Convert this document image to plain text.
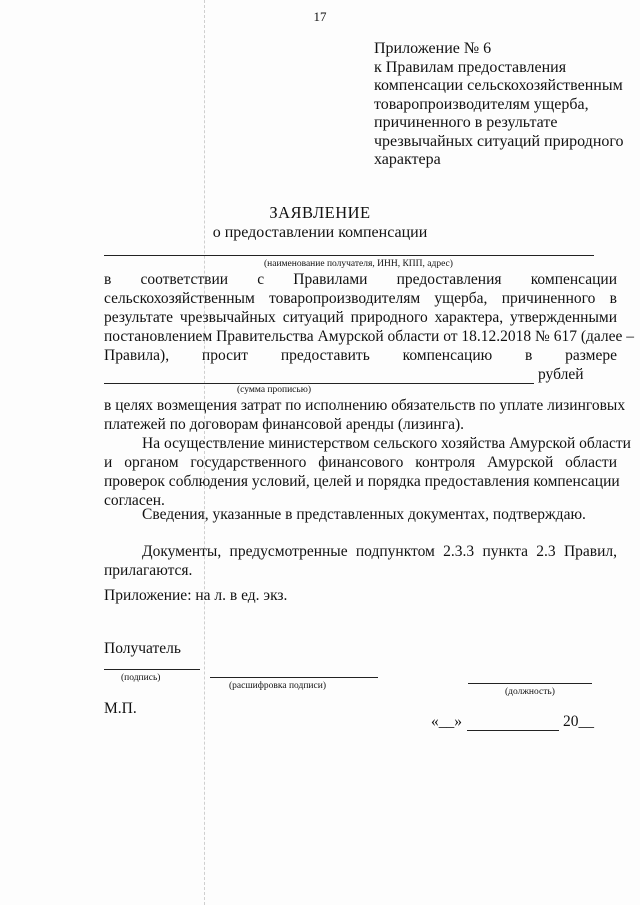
17
Приложение № 6
к Правилам предоставления
компенсации сельскохозяйственным
товаропроизводителям ущерба,
причиненного в результате
чрезвычайных ситуаций природного
характера
ЗАЯВЛЕНИЕ
о предоставлении компенсации
(наименование получателя, ИНН, КПП, адрес)
в соответствии с Правилами предоставления компенсации
сельскохозяйственным товаропроизводителям ущерба, причиненного в
результате чрезвычайных ситуаций природного характера, утвержденными
постановлением Правительства Амурской области от 18.12.2018 № 617 (далее –
Правила), просит предоставить компенсацию в размере
рублей
(сумма прописью)
в целях возмещения затрат по исполнению обязательств по уплате лизинговых
платежей по договорам финансовой аренды (лизинга).
На осуществление министерством сельского хозяйства Амурской области
и органом государственного финансового контроля Амурской области
проверок соблюдения условий, целей и порядка предоставления компенсации
согласен.
Сведения, указанные в представленных документах, подтверждаю.
Документы, предусмотренные подпунктом 2.3.3 пункта 2.3 Правил,
прилагаются.
Приложение: на л. в ед. экз.
Получатель
(подпись)
(расшифровка подписи)
(должность)
М.П.
«__»	20__
